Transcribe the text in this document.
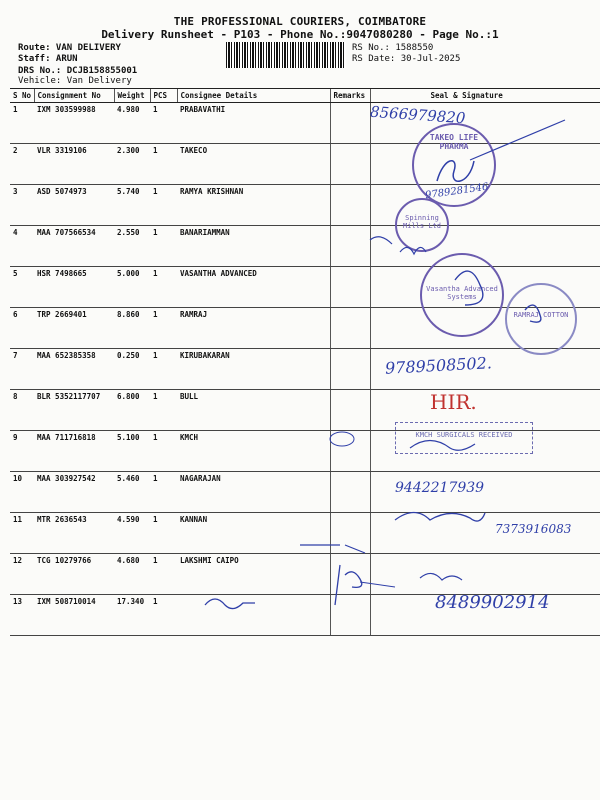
THE PROFESSIONAL COURIERS, COIMBATORE
Delivery Runsheet - P103 - Phone No.:9047080280 - Page No.:1
Route: VAN DELIVERY
Staff: ARUN
DRS No.: DCJB158855001
Vehicle: Van Delivery
RS No.: 1588550
RS Date: 30-Jul-2025
S No	Consignment No	Weight	PCS	Consignee Details	Remarks	Seal & Signature
1	IXM 303599988	4.980	1	PRABAVATHI		
2	VLR 3319106	2.300	1	TAKECO		
3	ASD 5074973	5.740	1	RAMYA KRISHNAN		
4	MAA 707566534	2.550	1	BANARIAMMAN		
5	HSR 7498665	5.000	1	VASANTHA ADVANCED		
6	TRP 2669401	8.860	1	RAMRAJ		
7	MAA 652385358	0.250	1	KIRUBAKARAN		
8	BLR 5352117707	6.800	1	BULL		
9	MAA 711716818	5.100	1	KMCH		
10	MAA 303927542	5.460	1	NAGARAJAN		
11	MTR 2636543	4.590	1	KANNAN		
12	TCG 10279766	4.680	1	LAKSHMI CAIPO		
13	IXM 508710014	17.340	1			
TAKEO LIFE PHARMA
Spinning Mills Ltd
Vasantha Advanced Systems
RAMRAJ COTTON
KMCH SURGICALS RECEIVED
8566979820
9789281546
9789508502.
HIR.
9442217939
7373916083
8489902914
